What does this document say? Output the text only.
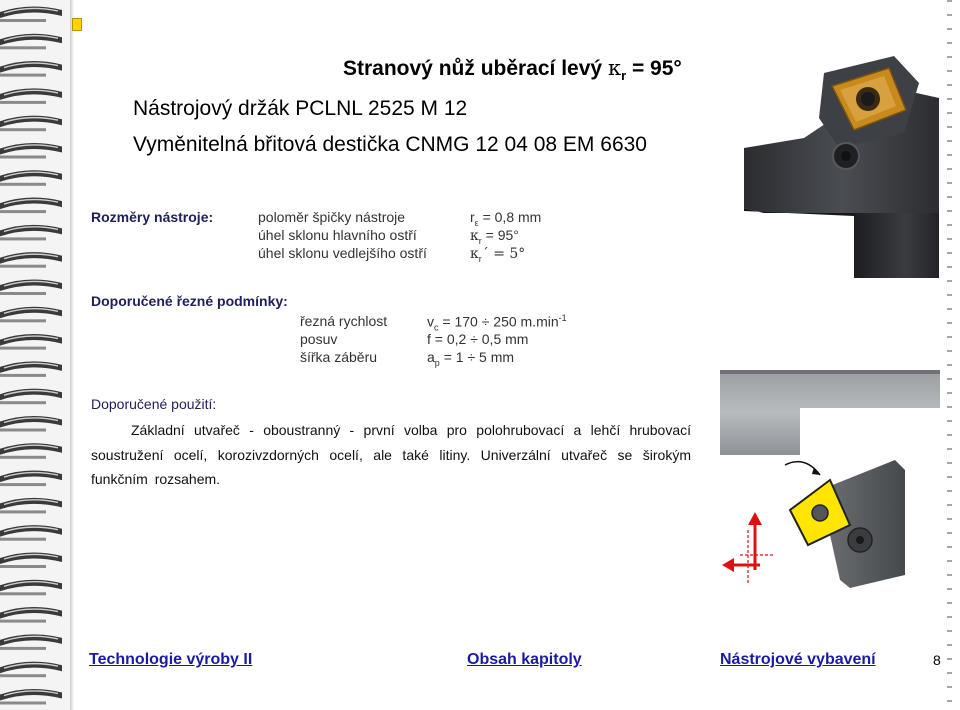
Stranový nůž uběrací levý $\kappa_r = 95^\circ$
Nástrojový držák PCLNL 2525 M 12
Vyměnitelná břitová destička CNMG 12 04 08 EM 6630
Rozměry nástroje:	poloměr špičky nástroje	$r_\varepsilon = 0,8$ mm
úhel sklonu hlavního ostří	$\kappa_r = 95^\circ$
úhel sklonu vedlejšího ostří	$\kappa_r´ = 5^\circ$
Doporučené řezné podmínky:
řezná rychlost	$v_c = 170 \div 250$ $m.\min^{-1}$
posuv	f = 0,2 ÷ 0,5 mm
šířka záběru	$a_p = 1 \div 5$ mm
Doporučené použití:
Základní utvařeč - oboustranný - první volba pro polohrubovací a lehčí hrubovací soustružení ocelí, korozivzdorných ocelí, ale také litiny. Univerzální utvařeč se širokým funkčním rozsahem.
Technologie výroby II	Obsah kapitoly	Nástrojové vybavení	8
